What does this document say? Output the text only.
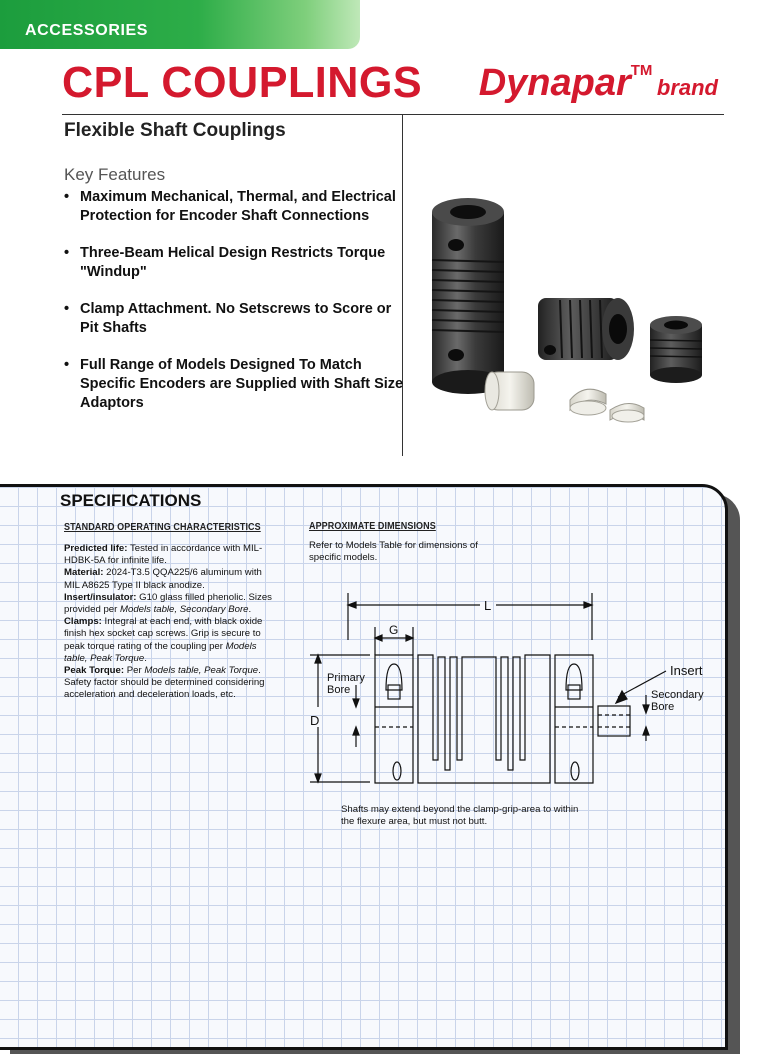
ACCESSORIES
CPL COUPLINGS DynaparTM brand
Flexible Shaft Couplings
Key Features
• Maximum Mechanical, Thermal, and Electrical Protection for Encoder Shaft Connections
• Three-Beam Helical Design Restricts Torque "Windup"
• Clamp Attachment. No Setscrews to Score or Pit Shafts
• Full Range of Models Designed To Match Specific Encoders are Supplied with Shaft Size Adaptors
SPECIFICATIONS
STANDARD OPERATING CHARACTERISTICS

Predicted life: Tested in accordance with MIL-HDBK-5A for infinite life.

Material: 2024-T3.5 QQA225/6 aluminum with MIL A8625 Type II black anodize.

Insert/insulator: G10 glass filled phenolic. Sizes provided per Models table, Secondary Bore.

Clamps: Integral at each end, with black oxide finish hex socket cap screws. Grip is secure to peak torque rating of the coupling per Models table, Peak Torque.

Peak Torque: Per Models table, Peak Torque. Safety factor should be determined considering acceleration and deceleration loads, etc.

APPROXIMATE DIMENSIONS
Refer to Models Table for dimensions of specific models.
L
G
D
Primary
Bore
Insert
Secondary
Bore
Shafts may extend beyond the clamp-grip-area to within the flexure area, but must not butt.
